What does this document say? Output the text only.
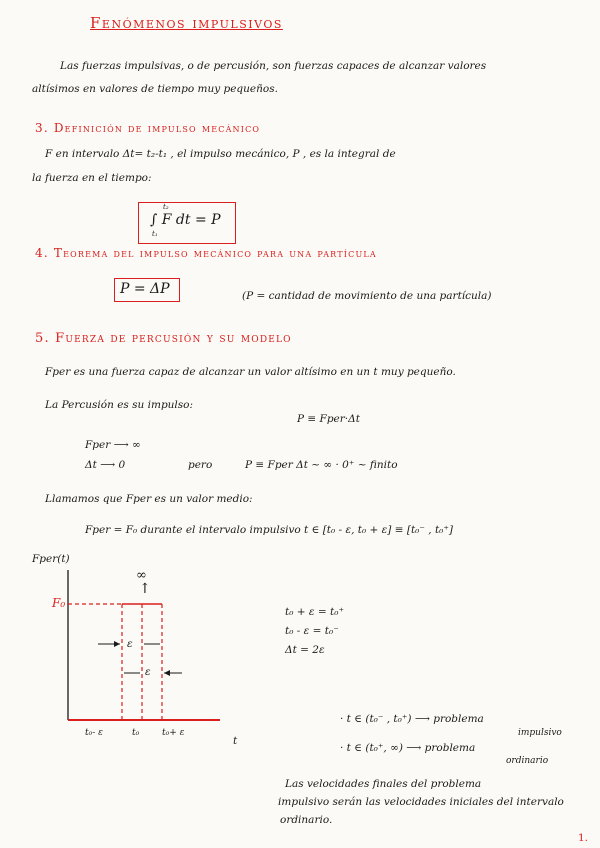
Fenómenos impulsivos
Las fuerzas impulsivas, o de percusión, son fuerzas capaces de alcanzar valores
altísimos en valores de tiempo muy pequeños.
3. Definición de impulso mecánico
F en intervalo Δt= t₂-t₁ , el impulso mecánico, P , es la integral de
la fuerza en el tiempo:
∫ F dt = P
t₂
t₁
4. Teorema del impulso mecánico para una partícula
P = ΔP	(P = cantidad de movimiento de una partícula)
5. Fuerza de percusión y su modelo
Fper es una fuerza capaz de alcanzar un valor altísimo en un t muy pequeño.
La Percusión es su impulso:
P ≡ Fper·Δt
Fper ⟶ ∞
Δt ⟶ 0	pero	P ≡ Fper Δt ~ ∞ · 0⁺ ~ finito
Llamamos que Fper es un valor medio:
Fper = F₀ durante el intervalo impulsivo t ∈ [t₀ - ε, t₀ + ε] ≡ [t₀⁻ , t₀⁺]
Fper(t)
F₀
∞
↑
ε
ε
t₀- ε	t₀	t₀+ ε
t
t₀ + ε = t₀⁺
t₀ - ε = t₀⁻
Δt = 2ε
· t ∈ (t₀⁻ , t₀⁺) ⟶ problema
impulsivo
· t ∈ (t₀⁺, ∞) ⟶ problema
ordinario
Las velocidades finales del problema
impulsivo serán las velocidades iniciales del intervalo
ordinario.
1.
